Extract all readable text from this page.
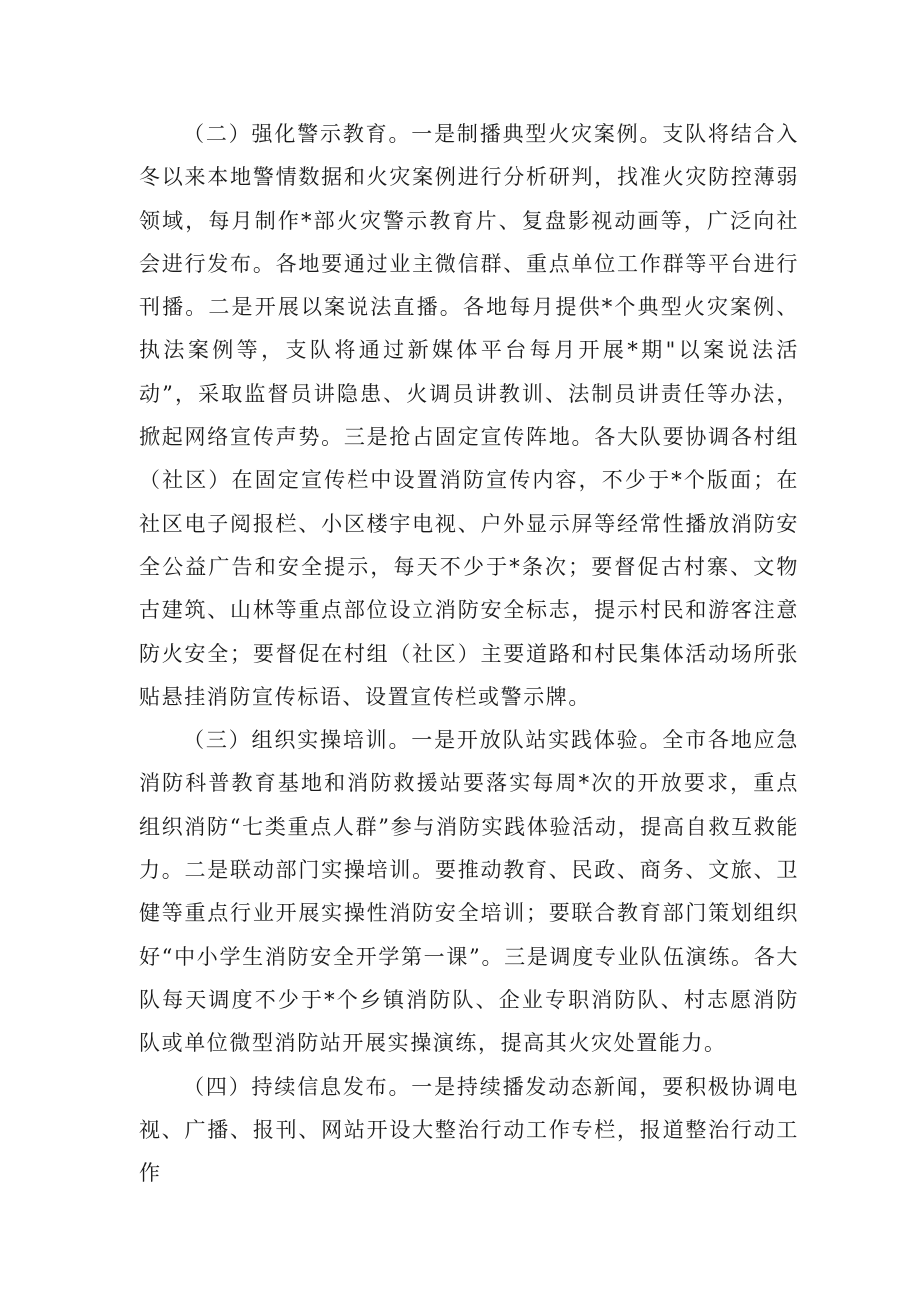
（二）强化警示教育。一是制播典型火灾案例。支队将结合入冬以来本地警情数据和火灾案例进行分析研判，找准火灾防控薄弱领域，每月制作*部火灾警示教育片、复盘影视动画等，广泛向社会进行发布。各地要通过业主微信群、重点单位工作群等平台进行刊播。二是开展以案说法直播。各地每月提供*个典型火灾案例、执法案例等，支队将通过新媒体平台每月开展*期"以案说法活动”，采取监督员讲隐患、火调员讲教训、法制员讲责任等办法，掀起网络宣传声势。三是抢占固定宣传阵地。各大队要协调各村组（社区）在固定宣传栏中设置消防宣传内容，不少于*个版面；在社区电子阅报栏、小区楼宇电视、户外显示屏等经常性播放消防安全公益广告和安全提示，每天不少于*条次；要督促古村寨、文物古建筑、山林等重点部位设立消防安全标志，提示村民和游客注意防火安全；要督促在村组（社区）主要道路和村民集体活动场所张贴悬挂消防宣传标语、设置宣传栏或警示牌。

（三）组织实操培训。一是开放队站实践体验。全市各地应急消防科普教育基地和消防救援站要落实每周*次的开放要求，重点组织消防“七类重点人群”参与消防实践体验活动，提高自救互救能力。二是联动部门实操培训。要推动教育、民政、商务、文旅、卫健等重点行业开展实操性消防安全培训；要联合教育部门策划组织好“中小学生消防安全开学第一课”。三是调度专业队伍演练。各大队每天调度不少于*个乡镇消防队、企业专职消防队、村志愿消防队或单位微型消防站开展实操演练，提高其火灾处置能力。

（四）持续信息发布。一是持续播发动态新闻，要积极协调电视、广播、报刊、网站开设大整治行动工作专栏，报道整治行动工作
